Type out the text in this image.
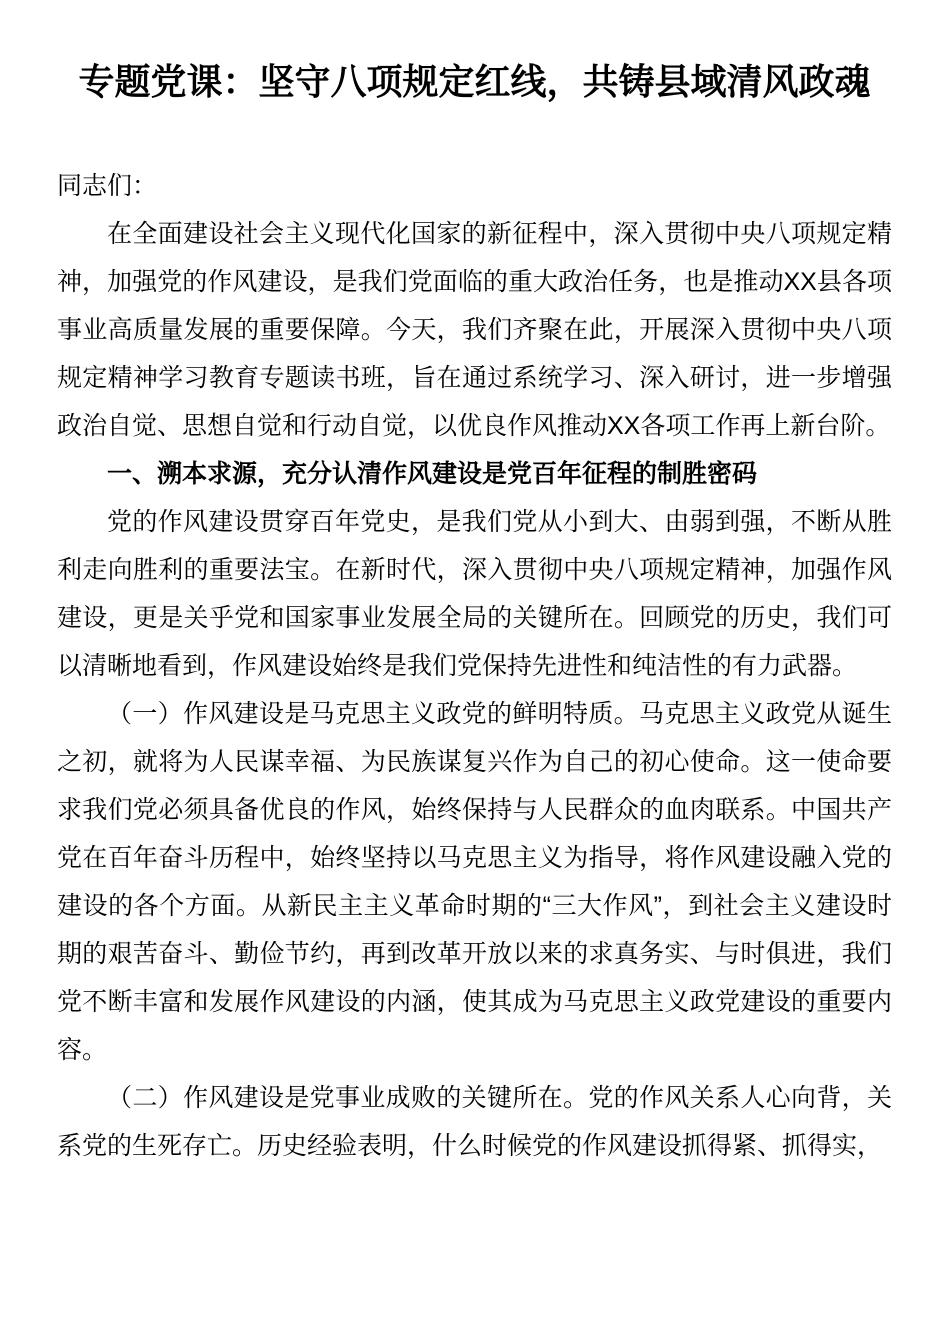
专题党课：坚守八项规定红线，共铸县域清风政魂

同志们：

在全面建设社会主义现代化国家的新征程中，深入贯彻中央八项规定精神，加强党的作风建设，是我们党面临的重大政治任务，也是推动XX县各项事业高质量发展的重要保障。今天，我们齐聚在此，开展深入贯彻中央八项规定精神学习教育专题读书班，旨在通过系统学习、深入研讨，进一步增强政治自觉、思想自觉和行动自觉，以优良作风推动XX各项工作再上新台阶。

一、溯本求源，充分认清作风建设是党百年征程的制胜密码

党的作风建设贯穿百年党史，是我们党从小到大、由弱到强，不断从胜利走向胜利的重要法宝。在新时代，深入贯彻中央八项规定精神，加强作风建设，更是关乎党和国家事业发展全局的关键所在。回顾党的历史，我们可以清晰地看到，作风建设始终是我们党保持先进性和纯洁性的有力武器。

（一）作风建设是马克思主义政党的鲜明特质。马克思主义政党从诞生之初，就将为人民谋幸福、为民族谋复兴作为自己的初心使命。这一使命要求我们党必须具备优良的作风，始终保持与人民群众的血肉联系。中国共产党在百年奋斗历程中，始终坚持以马克思主义为指导，将作风建设融入党的建设的各个方面。从新民主主义革命时期的“三大作风”，到社会主义建设时期的艰苦奋斗、勤俭节约，再到改革开放以来的求真务实、与时俱进，我们党不断丰富和发展作风建设的内涵，使其成为马克思主义政党建设的重要内容。

（二）作风建设是党事业成败的关键所在。党的作风关系人心向背，关系党的生死存亡。历史经验表明，什么时候党的作风建设抓得紧、抓得实，
